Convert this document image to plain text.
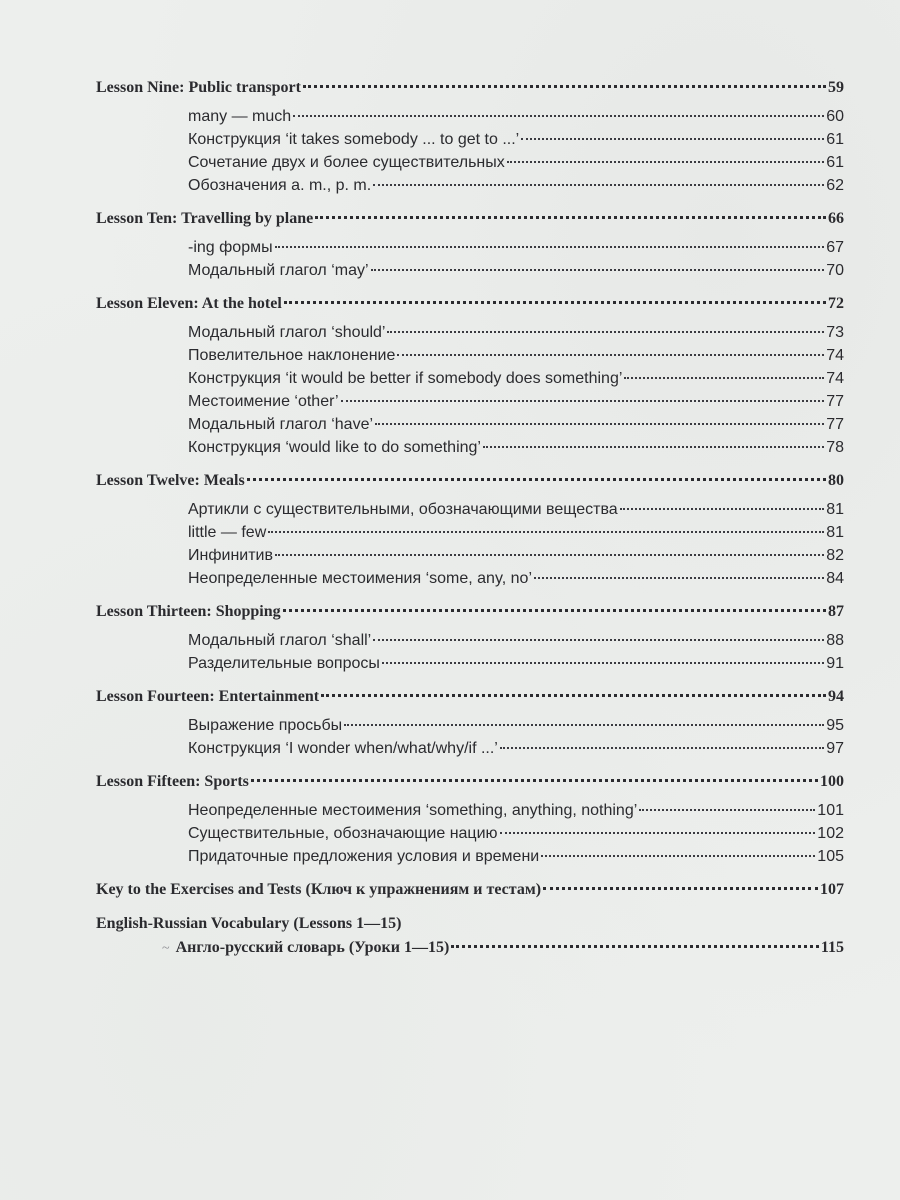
Lesson Nine: Public transport	59
many — much	60
Конструкция ‘it takes somebody ... to get to ...’	61
Сочетание двух и более существительных	61
Обозначения a. m., p. m.	62
Lesson Ten: Travelling by plane	66
-ing формы	67
Модальный глагол ‘may’	70
Lesson Eleven: At the hotel	72
Модальный глагол ‘should’	73
Повелительное наклонение	74
Конструкция ‘it would be better if somebody does something’	74
Местоимение ‘other’	77
Модальный глагол ‘have’	77
Конструкция ‘would like to do something’	78
Lesson Twelve: Meals	80
Артикли с существительными, обозначающими вещества	81
little — few	81
Инфинитив	82
Неопределенные местоимения ‘some, any, no’	84
Lesson Thirteen: Shopping	87
Модальный глагол ‘shall’	88
Разделительные вопросы	91
Lesson Fourteen: Entertainment	94
Выражение просьбы	95
Конструкция ‘I wonder when/what/why/if ...’	97
Lesson Fifteen: Sports	100
Неопределенные местоимения ‘something, anything, nothing’	101
Существительные, обозначающие нацию	102
Придаточные предложения условия и времени	105
Key to the Exercises and Tests (Ключ к упражнениям и тестам)	107
English-Russian Vocabulary (Lessons 1—15)
~ Англо-русский словарь (Уроки 1—15)	115
